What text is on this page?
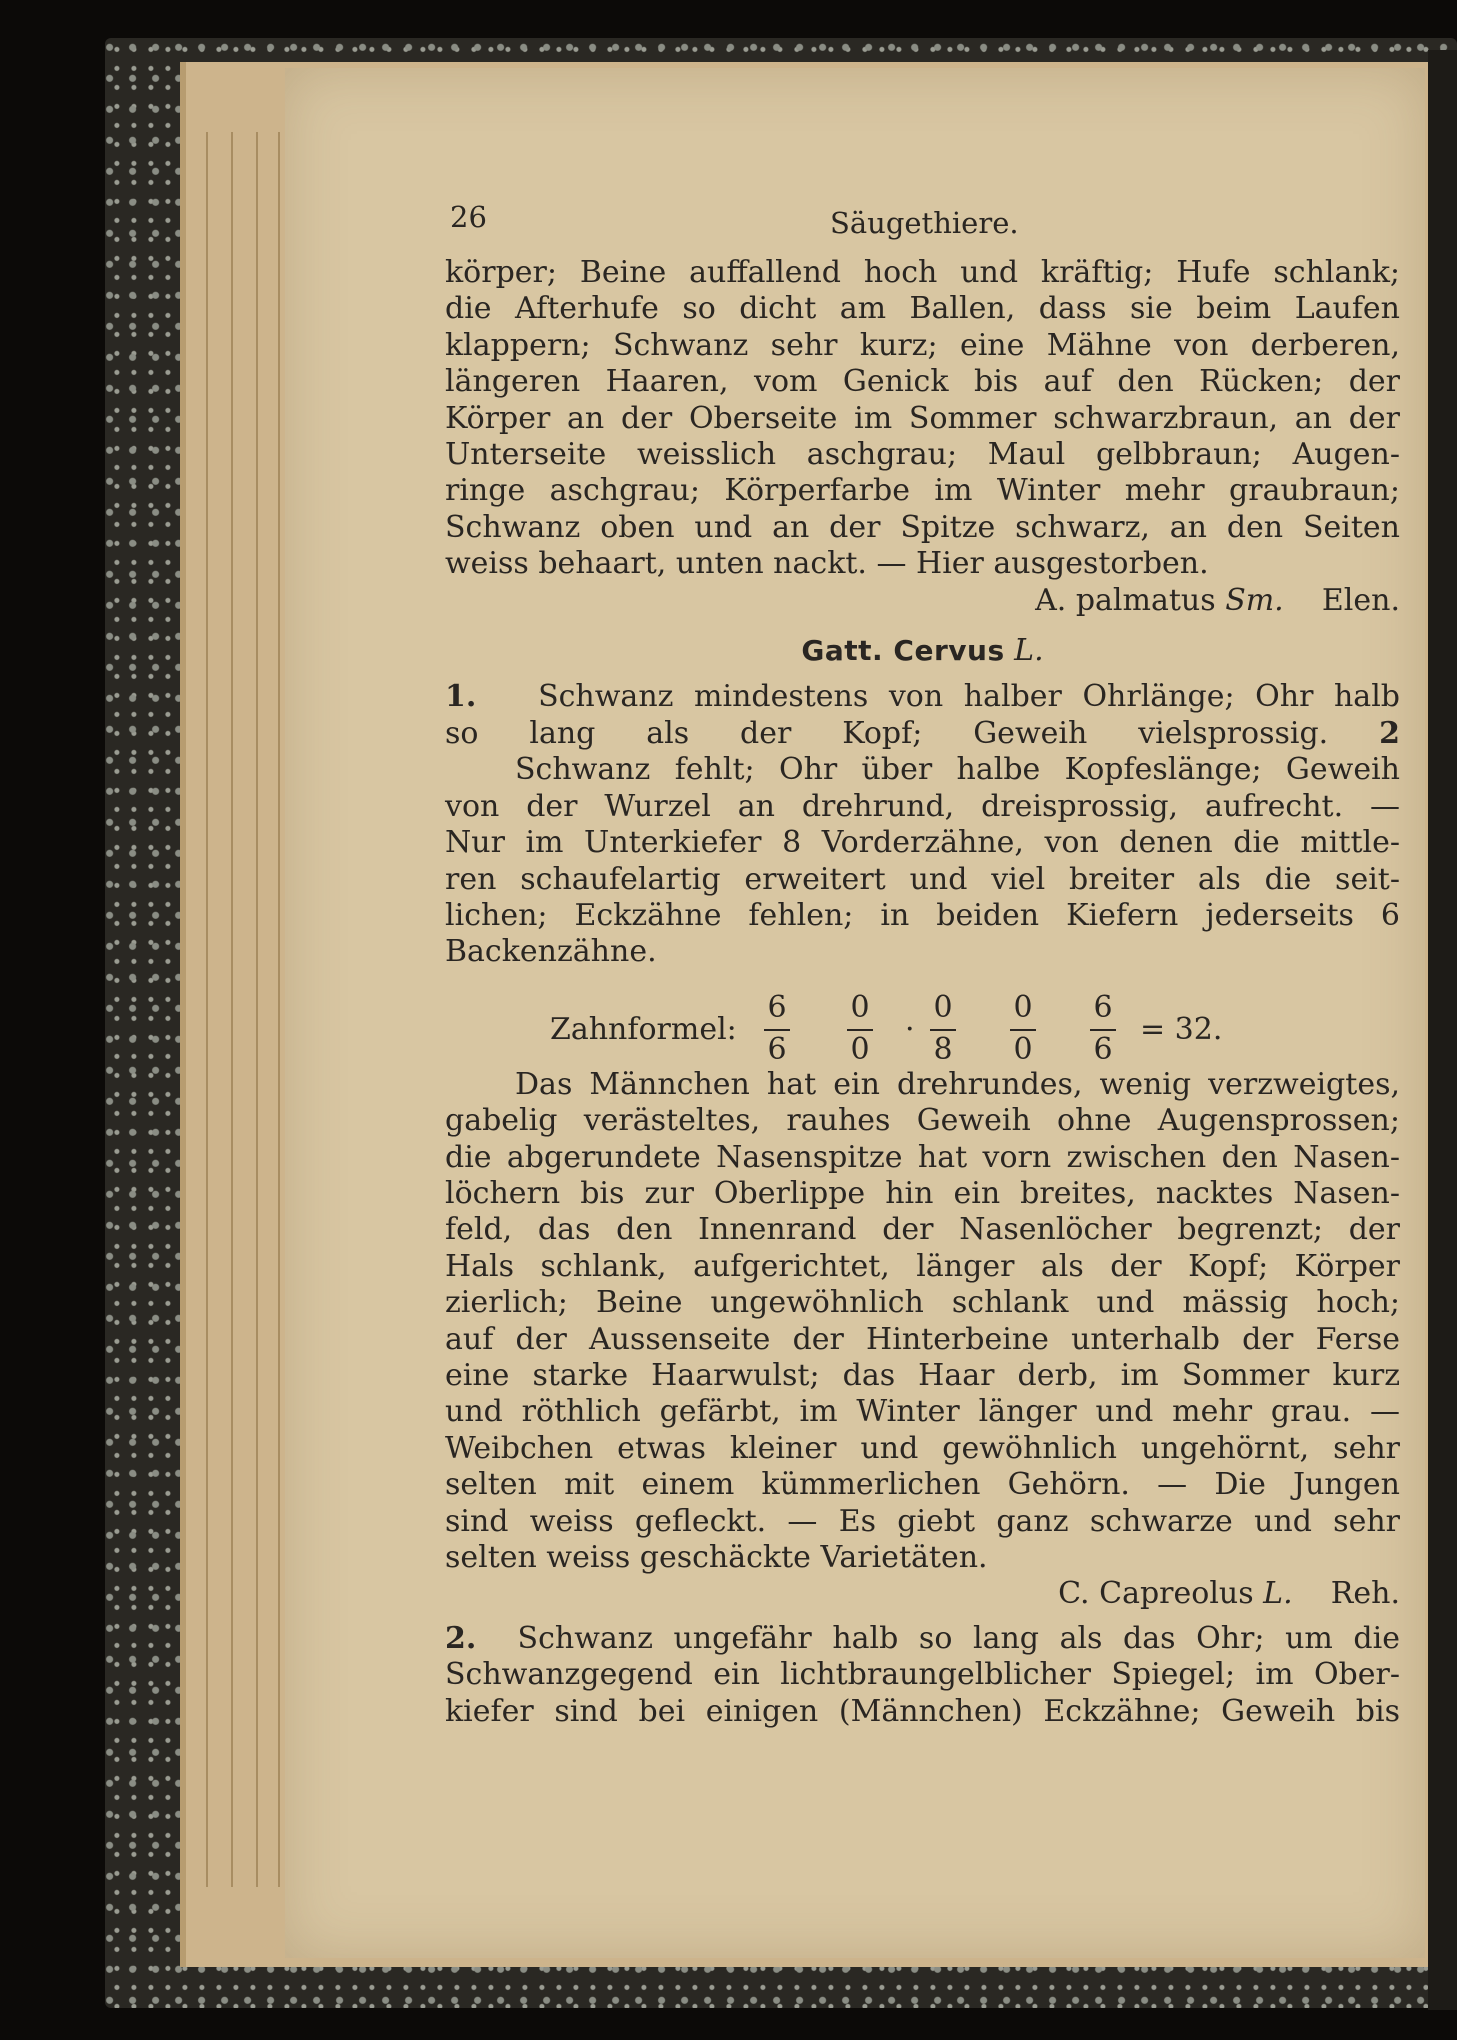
26	Säugethiere.
körper; Beine auffallend hoch und kräftig; Hufe schlank;
die Afterhufe so dicht am Ballen, dass sie beim Laufen
klappern; Schwanz sehr kurz; eine Mähne von derberen,
längeren Haaren, vom Genick bis auf den Rücken; der
Körper an der Oberseite im Sommer schwarzbraun, an der
Unterseite weisslich aschgrau; Maul gelbbraun; Augen-
ringe aschgrau; Körperfarbe im Winter mehr graubraun;
Schwanz oben und an der Spitze schwarz, an den Seiten
weiss behaart, unten nackt. — Hier ausgestorben.
A. palmatus Sm. Elen.
Gatt. Cervus L.
1. Schwanz mindestens von halber Ohrlänge; Ohr halb
so lang als der Kopf; Geweih vielsprossig. 2
Schwanz fehlt; Ohr über halbe Kopfeslänge; Geweih
von der Wurzel an drehrund, dreisprossig, aufrecht. —
Nur im Unterkiefer 8 Vorderzähne, von denen die mittle-
ren schaufelartig erweitert und viel breiter als die seit-
lichen; Eckzähne fehlen; in beiden Kiefern jederseits 6
Backenzähne.
Das Männchen hat ein drehrundes, wenig verzweigtes,
gabelig verästeltes, rauhes Geweih ohne Augensprossen;
die abgerundete Nasenspitze hat vorn zwischen den Nasen-
löchern bis zur Oberlippe hin ein breites, nacktes Nasen-
feld, das den Innenrand der Nasenlöcher begrenzt; der
Hals schlank, aufgerichtet, länger als der Kopf; Körper
zierlich; Beine ungewöhnlich schlank und mässig hoch;
auf der Aussenseite der Hinterbeine unterhalb der Ferse
eine starke Haarwulst; das Haar derb, im Sommer kurz
und röthlich gefärbt, im Winter länger und mehr grau. —
Weibchen etwas kleiner und gewöhnlich ungehörnt, sehr
selten mit einem kümmerlichen Gehörn. — Die Jungen
sind weiss gefleckt. — Es giebt ganz schwarze und sehr
selten weiss geschäckte Varietäten.
C. Capreolus L. Reh.
2. Schwanz ungefähr halb so lang als das Ohr; um die
Schwanzgegend ein lichtbraungelblicher Spiegel; im Ober-
kiefer sind bei einigen (Männchen) Eckzähne; Geweih bis
Zahnformel:
6
6
0
0
·
0
8
0
0
6
6
= 32.
